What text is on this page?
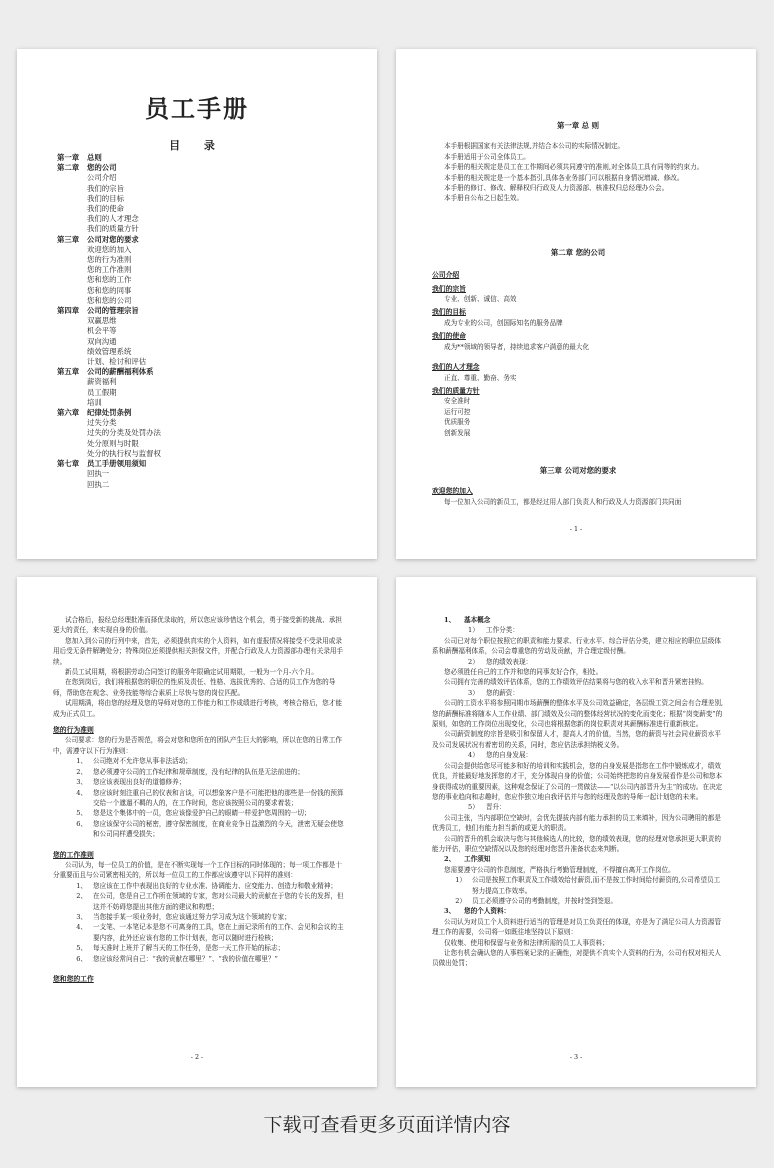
员工手册
目 录
第一章 总则
第二章 您的公司
公司介绍
我们的宗旨
我们的目标
我们的使命
我们的人才理念
我们的质量方针
第三章 公司对您的要求
欢迎您的加入
您的行为准则
您的工作准则
您和您的工作
您和您的同事
您和您的公司
第四章 公司的管理宗旨
双赢思维
机会平等
双向沟通
绩效管理系统
计划、检讨和评估
第五章 公司的薪酬福利体系
薪资福利
员工假期
培训
第六章 纪律处罚条例
过失分类
过失的分类及处罚办法
处分原则与时限
处分的执行权与监督权
第七章 员工手册领用须知
回执一
回执二
第一章 总 则

本手册根据国家有关法律法规,并结合本公司的实际情况制定。

本手册适用于公司全体员工。

本手册的相关规定是员工在工作期间必须共同遵守的准则,对全体员工具有同等的约束力。

本手册的相关规定是一个基本指引,具体各业务部门可以根据自身情况增减、修改。

本手册的修订、修改、解释权归行政及人力资源部、核准权归总经理办公会。

本手册自公布之日起生效。

第二章 您的公司
公司介绍
我们的宗旨
专业、创新、诚信、高效
我们的目标
成为专业的公司，创国际知名的服务品牌
我们的使命
成为**领域的领导者，持续追求客户满意的最大化
我们的人才理念
正直、尊重、勤奋、务实
我们的质量方针
安全准时
运行可控
优质服务
创新发展
第三章 公司对您的要求
欢迎您的加入

每一位加入公司的新员工，都是经过用人部门负责人和行政及人力资源部门共同面

- 1 -

试合格后，报经总经理批准而择优录取的，所以您应该珍惜这个机会，勇于接受新的挑战、承担更大的责任，来实现自身的价值。

您加入到公司的行列中来，首先，必须提供真实的个人资料，如有虚报情况将接受不受录用或录用后受无条件解聘处分；特殊岗位还须提供相关担保文件，并配合行政及人力资源部办理有关录用手续。

新员工试用期，将根据劳动合同签订的服务年限确定试用期限，一般为一个月-六个月。

在您到岗后，我们将根据您的职位的性质及责任、性格、选拔优秀的、合适的员工作为您的导师，帮助您在观念、业务技能等综合素质上尽快与您的岗位匹配。

试用期满，将由您的经理及您的导师对您的工作能力和工作成绩进行考核，考核合格后，您才能成为正式员工。

您的行为准则

公司要求：您的行为是否规范，将会对您和您所在的团队产生巨大的影响，所以在您的日常工作中，需遵守以下行为准则：

1、 公司绝对不允许您从事非法活动；
2、 您必须遵守公司的工作纪律和规章制度，没有纪律的队伍是无法前进的；
3、 您应该表现出良好的道德修养；
4、 您应该时刻注重自己的仪表和言谈，可以想象客户是不可能把他的那些是一份钱的预算交给一个邋遢不羁的人的，在工作时间，您应该按照公司的要求着装；
5、 您是这个集体中的一员，您应该像爱护自己的眼睛一样爱护您周围的一切；
6、 您应该保守公司的秘密，遵守保密制度，在商业竞争日益激烈的今天，泄密无疑会使您和公司同样遭受损失；
您的工作准则

公司认为，每一位员工的价值，是在不断实现每一个工作目标的同时体现的；每一项工作都是十分重要而且与公司紧密相关的，所以每一位员工的工作都应该遵守以下同样的准则：

1、 您应该在工作中表现出良好的专业水准、协调能力、应变能力、创造力和敬业精神；
2、 在公司，您是自己工作所在领域的专家，您对公司最大的贡献在于您的专长的发挥，但这并不妨碍您提出其他方面的建议和构想；
3、 当您接手某一项业务时，您应该通过努力学习成为这个领域的专家；
4、 一支笔、一本笔记本是您不可离身的工具，您在上面记录所有的工作、会见和会议的主要内容，此外还应该有您的工作计划表，您可以随时进行检核；
5、 每天准时上班并了解当天的工作任务，是您一天工作开始的标志；
6、 您应该经常问自己：“我的贡献在哪里？”、“我的价值在哪里？”
您和您的工作
- 2 -
1、 基本概念
1） 工作分类：

公司已对每个职位按照它的职责和能力要求、行业水平、综合评估分类，建立相应的职位层级体系和薪酬福利体系，公司会尊重您的劳动及贡献，并合理定级付酬。

2） 您的绩效表现：

您必须胜任自己的工作并和您的同事友好合作，相处。

公司拥有完善的绩效评估体系，您的工作绩效评估结果将与您的收入水平和晋升紧密挂钩。

3） 您的薪资：

公司的工资水平将参照同期市场薪酬的整体水平及公司效益确定，各层级工资之间会有合理差别,您的薪酬标准将随本人工作业绩、部门绩效及公司的整体经营状况的变化而变化；根据“岗变薪变”的原则，如您的工作岗位出现变化，公司也将根据您新的岗位职责对其薪酬标准进行重新核定。

公司薪资制度的宗旨是吸引和保留人才，提高人才的价值，当然，您的薪资与社会同业薪资水平及公司发展状况有着密切的关系，同时，您应估法承担纳税义务。

4） 您的自身发展：

公司会提供给您尽可能多和好的培训和实践机会，您的自身发展是指您在工作中锻炼成才，绩效优良，并能最好地发挥您的才干，充分体现自身的价值；公司始终把您的自身发展看作是公司和您本身获得成功的重要因素，这种观念保证了公司的一贯做法——“以公司内部晋升为主”的成功。在决定您的事业趋向和志趣时，您应作独立地自我评估并与您的经理及您的导师一起计划您的未来。

5） 晋升：

公司主张，当内部职位空缺时，会优先提拔内部有能力承担的员工来填补，因为公司聘用的都是优秀员工，他们有能力担当新的或更大的职责。

公司的晋升的机会取决与您与其他候选人的比较，您的绩效表现，您的经理对您承担更大职责的能力评估，职位空缺情况以及您的经理对您晋升准备状态来判断。

2、 工作须知

您需要遵守公司的作息制度，严格执行考勤管理制度，不得擅自离开工作岗位。

1） 公司是按照工作职责及工作绩效给付薪资,而不是按工作时间给付薪资的,公司希望员工努力提高工作效率。
2） 员工必须遵守公司的考勤制度，并按时签到签退。
3、 您的个人资料：

公司认为对员工个人资料进行适当的管理是对员工负责任的体现，亦是为了满足公司人力资源管理工作的需要，公司将一如既往地坚持以下原则：

仅收集、使用和保留与业务和法律所需的员工人事资料；

让您有机会确认您的人事档案记录的正确性，对提供不真实个人资料的行为，公司有权对相关人员做出处罚；

- 3 -
下载可查看更多页面详情内容
